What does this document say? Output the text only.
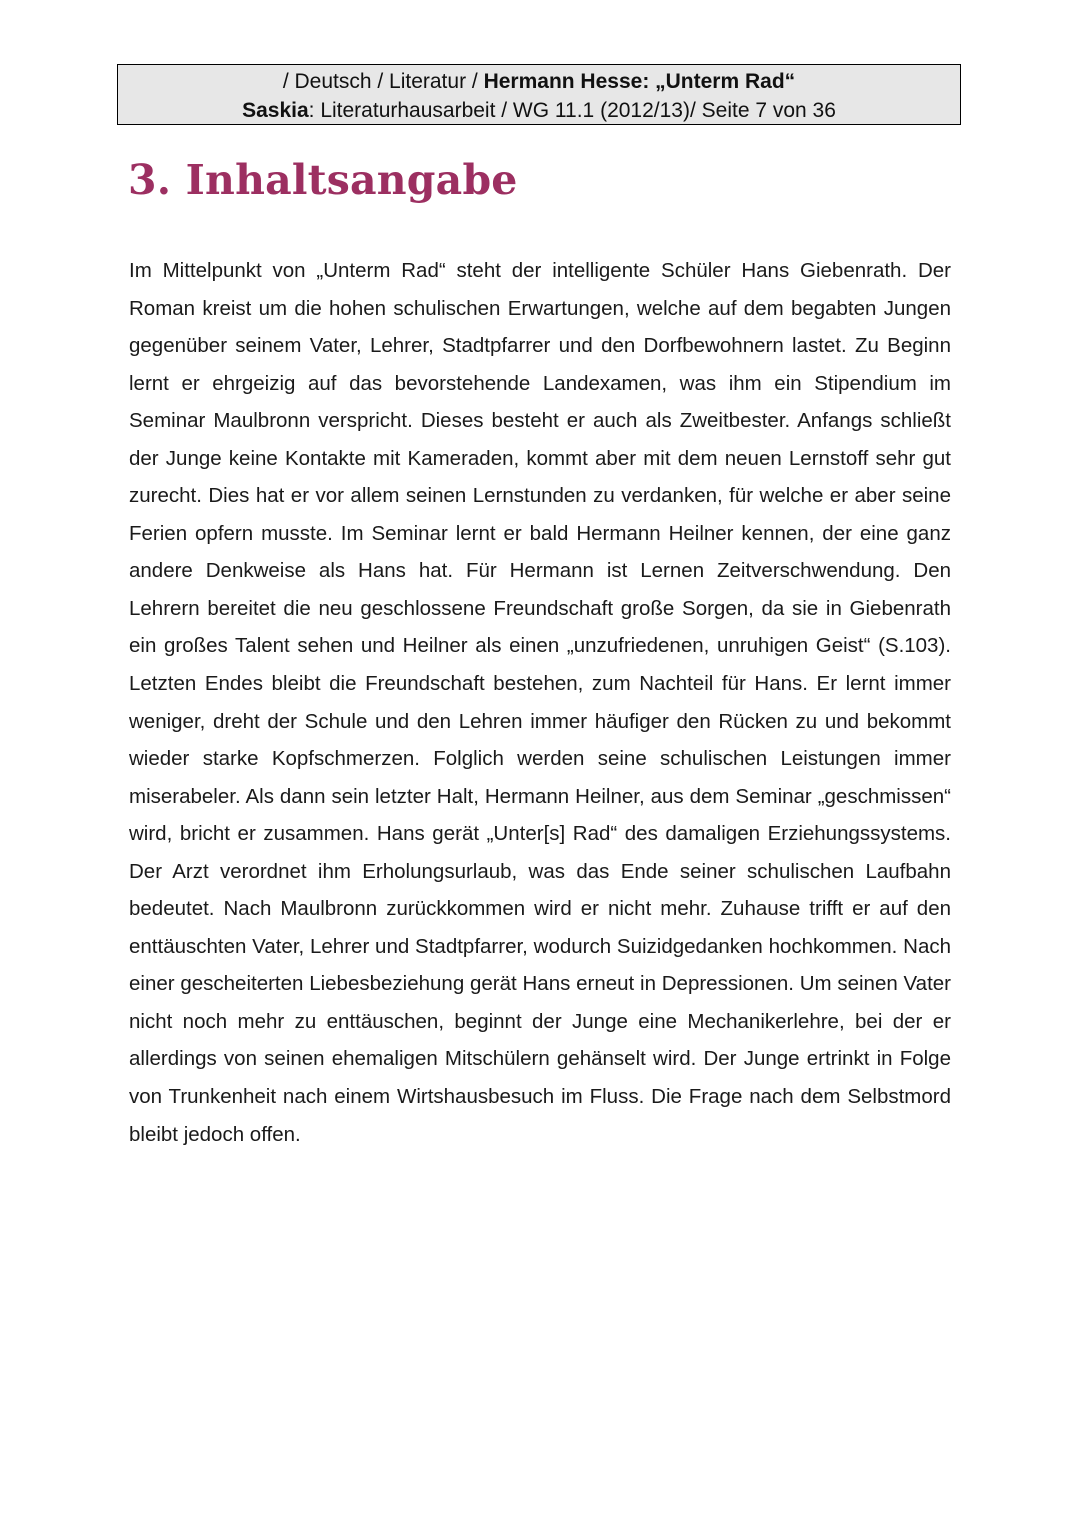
/ Deutsch / Literatur / Hermann Hesse: „Unterm Rad“
Saskia: Literaturhausarbeit / WG 11.1 (2012/13)/ Seite 7 von 36
3. Inhaltsangabe

Im Mittelpunkt von „Unterm Rad“ steht der intelligente Schüler Hans Giebenrath. Der Roman kreist um die hohen schulischen Erwartungen, welche auf dem begabten Jungen gegenüber seinem Vater, Lehrer, Stadtpfarrer und den Dorfbewohnern lastet. Zu Beginn lernt er ehrgeizig auf das bevorstehende Landexamen, was ihm ein Stipendium im Seminar Maulbronn verspricht. Dieses besteht er auch als Zweitbester. Anfangs schließt der Junge keine Kontakte mit Kameraden, kommt aber mit dem neuen Lernstoff sehr gut zurecht. Dies hat er vor allem seinen Lernstunden zu verdanken, für welche er aber seine Ferien opfern musste. Im Seminar lernt er bald Hermann Heilner kennen, der eine ganz andere Denkweise als Hans hat. Für Hermann ist Lernen Zeitverschwendung. Den Lehrern bereitet die neu geschlossene Freundschaft große Sorgen, da sie in Giebenrath ein großes Talent sehen und Heilner als einen „unzufriedenen, unruhigen Geist“ (S.103). Letzten Endes bleibt die Freundschaft bestehen, zum Nachteil für Hans. Er lernt immer weniger, dreht der Schule und den Lehren immer häufiger den Rücken zu und bekommt wieder starke Kopfschmerzen. Folglich werden seine schulischen Leistungen immer miserabeler. Als dann sein letzter Halt, Hermann Heilner, aus dem Seminar „geschmissen“ wird, bricht er zusammen. Hans gerät „Unter[s] Rad“ des damaligen Erziehungssystems. Der Arzt verordnet ihm Erholungsurlaub, was das Ende seiner schulischen Laufbahn bedeutet. Nach Maulbronn zurückkommen wird er nicht mehr. Zuhause trifft er auf den enttäuschten Vater, Lehrer und Stadtpfarrer, wodurch Suizidgedanken hochkommen. Nach einer gescheiterten Liebesbeziehung gerät Hans erneut in Depressionen. Um seinen Vater nicht noch mehr zu enttäuschen, beginnt der Junge eine Mechanikerlehre, bei der er allerdings von seinen ehemaligen Mitschülern gehänselt wird. Der Junge ertrinkt in Folge von Trunkenheit nach einem Wirtshausbesuch im Fluss. Die Frage nach dem Selbstmord bleibt jedoch offen.
